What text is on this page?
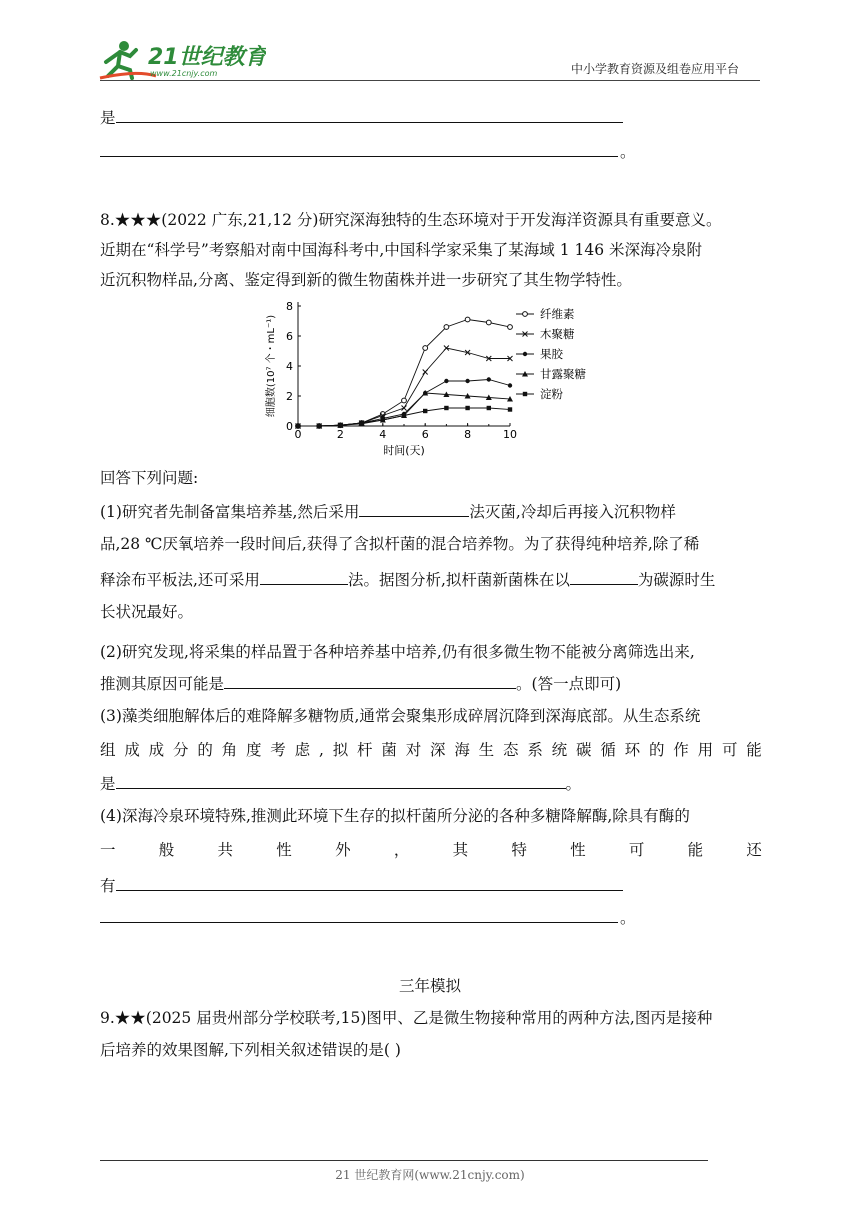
21世纪教育
www.21cnjy.com	中小学教育资源及组卷应用平台
是
。
8.★★★(2022 广东,21,12 分)研究深海独特的生态环境对于开发海洋资源具有重要意义。
近期在“科学号”考察船对南中国海科考中,中国科学家采集了某海域 1 146 米深海冷泉附
近沉积物样品,分离、鉴定得到新的微生物菌株并进一步研究了其生物学特性。
0	2	4	6	8	10
0
2
4
6
8
时间(天)
细胞数(10⁷ 个・mL⁻¹)
纤维素
木聚糖
果胶
甘露聚糖
淀粉
回答下列问题:
(1)研究者先制备富集培养基,然后采用	法灭菌,冷却后再接入沉积物样
品,28 ℃厌氧培养一段时间后,获得了含拟杆菌的混合培养物。为了获得纯种培养,除了稀
释涂布平板法,还可采用	法。据图分析,拟杆菌新菌株在以	为碳源时生
长状况最好。
(2)研究发现,将采集的样品置于各种培养基中培养,仍有很多微生物不能被分离筛选出来,
推测其原因可能是	。(答一点即可)
(3)藻类细胞解体后的难降解多糖物质,通常会聚集形成碎屑沉降到深海底部。从生态系统
组 成 成 分 的 角 度 考 虑 , 拟 杆 菌 对 深 海 生 态 系 统 碳 循 环 的 作 用 可 能
是	。
(4)深海冷泉环境特殊,推测此环境下生存的拟杆菌所分泌的各种多糖降解酶,除具有酶的
一	般	共	性	外	，	其	特	性	可	能	还
有
。
三年模拟
9.★★(2025 届贵州部分学校联考,15)图甲、乙是微生物接种常用的两种方法,图丙是接种
后培养的效果图解,下列相关叙述错误的是( )
21 世纪教育网(www.21cnjy.com)
